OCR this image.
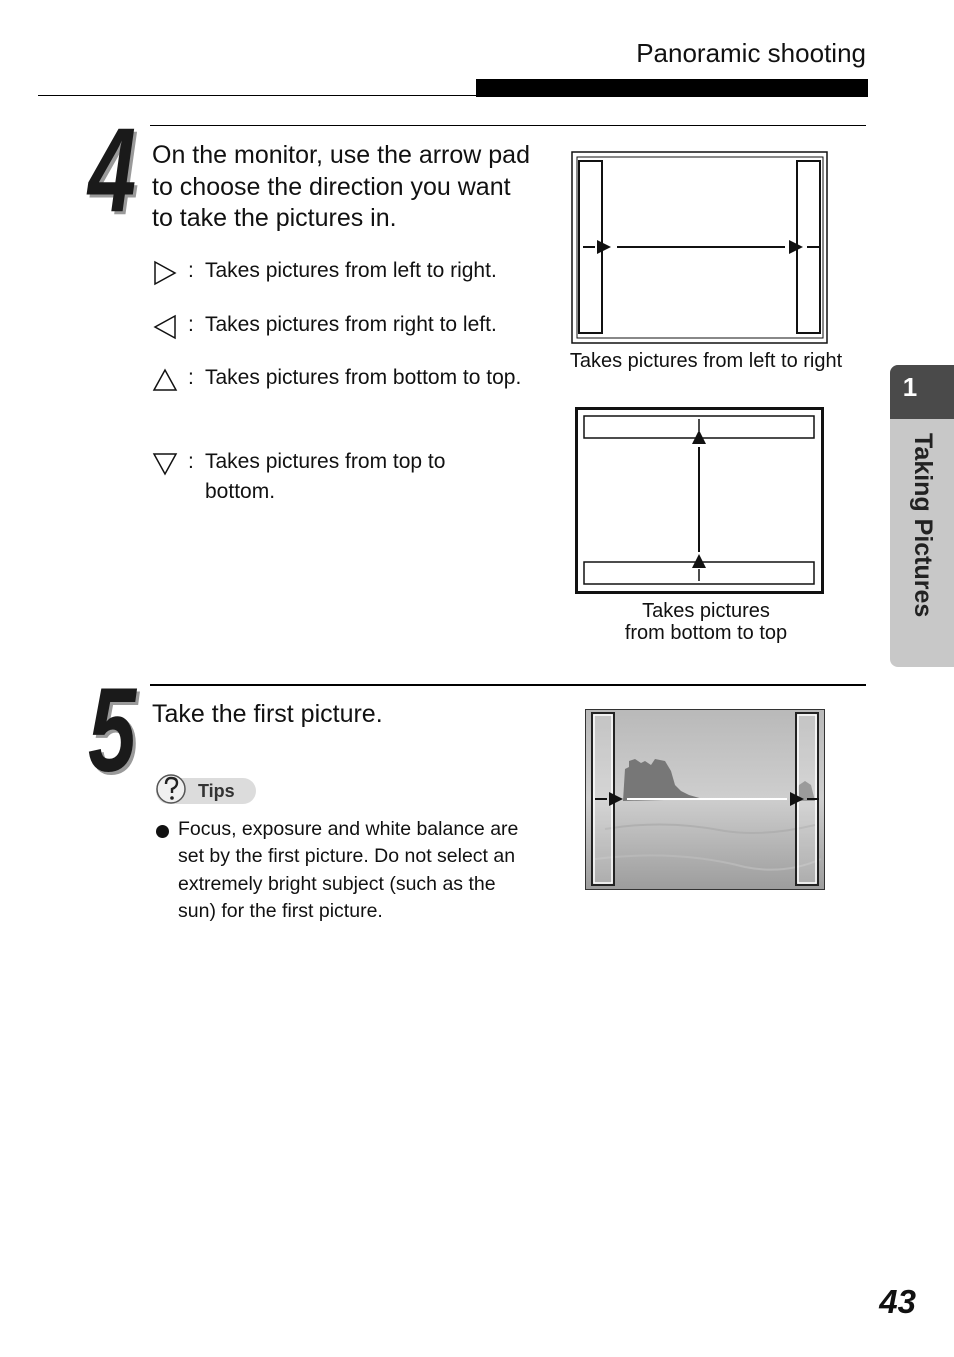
Panoramic shooting
4 On the monitor, use the arrow pad to choose the direction you want to take the pictures in.
: Takes pictures from left to right.
: Takes pictures from right to left.
: Takes pictures from bottom to top.
: Takes pictures from top to bottom.
Takes pictures from left to right
Takes pictures
from bottom to top
5 Take the first picture.
Tips
Focus, exposure and white balance are set by the first picture. Do not select an extremely bright subject (such as the sun) for the first picture.
1
Taking Pictures
43
